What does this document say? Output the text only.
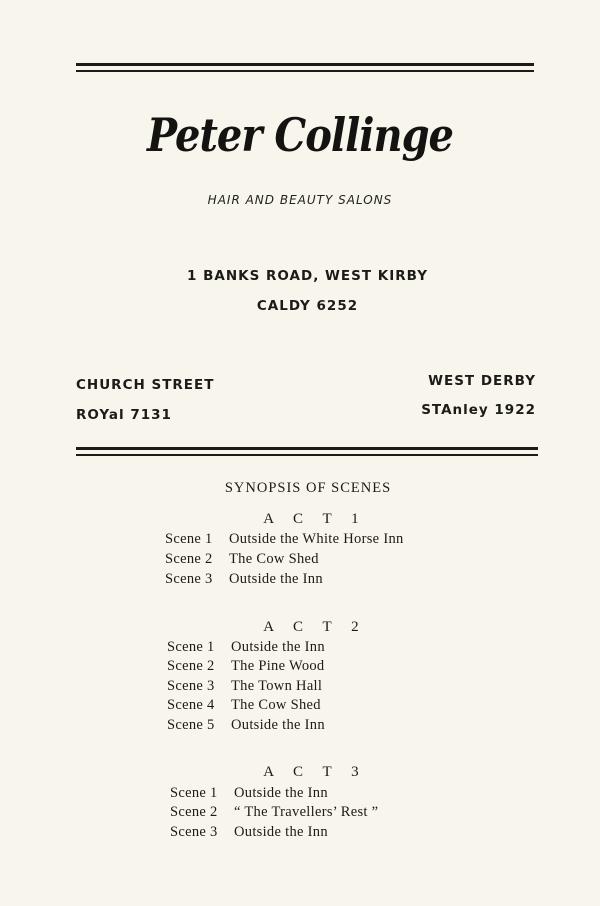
Peter Collinge
HAIR AND BEAUTY SALONS
1 BANKS ROAD, WEST KIRBY
CALDY 6252
CHURCH STREET
ROYal 7131
WEST DERBY
STAnley 1922
SYNOPSIS OF SCENES
A C T 1
Scene 1 Outside the White Horse Inn
Scene 2 The Cow Shed
Scene 3 Outside the Inn
A C T 2
Scene 1 Outside the Inn
Scene 2 The Pine Wood
Scene 3 The Town Hall
Scene 4 The Cow Shed
Scene 5 Outside the Inn
A C T 3
Scene 1 Outside the Inn
Scene 2 “ The Travellers’ Rest ”
Scene 3 Outside the Inn
